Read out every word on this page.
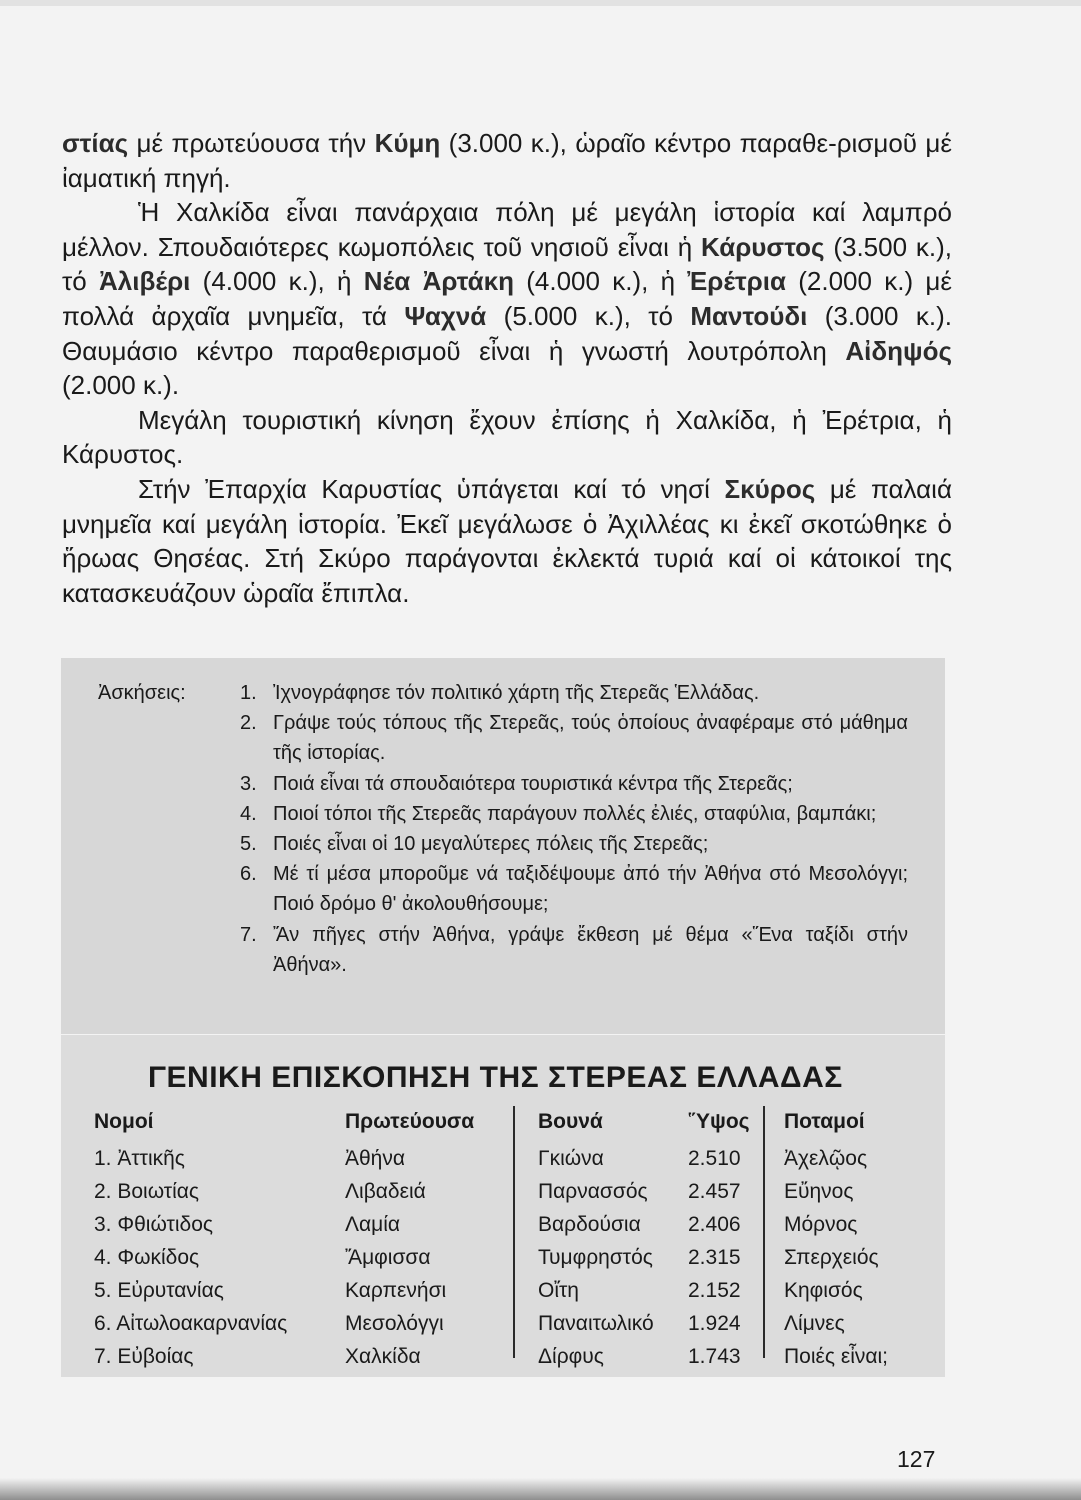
στίας μέ πρωτεύουσα τήν Κύμη (3.000 κ.), ὡραῖο κέντρο παραθε-ρισμοῦ μέ ἰαματική πηγή.

Ἡ Χαλκίδα εἶναι πανάρχαια πόλη μέ μεγάλη ἱστορία καί λαμπρό μέλλον. Σπουδαιότερες κωμοπόλεις τοῦ νησιοῦ εἶναι ἡ Κάρυστος (3.500 κ.), τό Ἀλιβέρι (4.000 κ.), ἡ Νέα Ἀρτάκη (4.000 κ.), ἡ Ἐρέτρια (2.000 κ.) μέ πολλά ἀρχαῖα μνημεῖα, τά Ψαχνά (5.000 κ.), τό Μαντούδι (3.000 κ.). Θαυμάσιο κέντρο παραθερισμοῦ εἶναι ἡ γνωστή λουτρόπολη Αἰδηψός (2.000 κ.).

Μεγάλη τουριστική κίνηση ἔχουν ἐπίσης ἡ Χαλκίδα, ἡ Ἐρέτρια, ἡ Κάρυστος.

Στήν Ἐπαρχία Καρυστίας ὑπάγεται καί τό νησί Σκύρος μέ παλαιά μνημεῖα καί μεγάλη ἱστορία. Ἐκεῖ μεγάλωσε ὁ Ἀχιλλέας κι ἐκεῖ σκοτώθηκε ὁ ἥρωας Θησέας. Στή Σκύρο παράγονται ἐκλεκτά τυριά καί οἱ κάτοικοί της κατασκευάζουν ὡραῖα ἔπιπλα.

Ἀσκήσεις:	1. Ἰχνογράφησε τόν πολιτικό χάρτη τῆς Στερεᾶς Ἑλλάδας.
2. Γράψε τούς τόπους τῆς Στερεᾶς, τούς ὁποίους ἀναφέραμε στό μάθημα τῆς ἱστορίας.
3. Ποιά εἶναι τά σπουδαιότερα τουριστικά κέντρα τῆς Στερεᾶς;
4. Ποιοί τόποι τῆς Στερεᾶς παράγουν πολλές ἐλιές, σταφύλια, βαμπάκι;
5. Ποιές εἶναι οἱ 10 μεγαλύτερες πόλεις τῆς Στερεᾶς;
6. Μέ τί μέσα μποροῦμε νά ταξιδέψουμε ἀπό τήν Ἀθήνα στό Μεσολόγγι; Ποιό δρόμο θ' ἀκολουθήσουμε;
7. Ἄν πῆγες στήν Ἀθήνα, γράψε ἔκθεση μέ θέμα «Ἕνα ταξίδι στήν Ἀθήνα».
ΓΕΝΙΚΗ ΕΠΙΣΚΟΠΗΣΗ ΤΗΣ ΣΤΕΡΕΑΣ ΕΛΛΑΔΑΣ
Νομοί	Πρωτεύουσα	Βουνά	Ὕψος Ποταμοί
1. Ἀττικῆς	Ἀθήνα	Γκιώνα	2.510 Ἀχελῷος
2. Βοιωτίας	Λιβαδειά	Παρνασσός 2.457 Εὔηνος
3. Φθιώτιδος	Λαμία	Βαρδούσια 2.406 Μόρνος
4. Φωκίδος	Ἄμφισσα	Τυμφρηστός 2.315 Σπερχειός
5. Εὐρυτανίας	Καρπενήσι	Οἴτη	2.152 Κηφισός
6. Αἰτωλοακαρνανίας	Μεσολόγγι	Παναιτωλικό 1.924 Λίμνες
7. Εὐβοίας	Χαλκίδα	Δίρφυς	1.743 Ποιές εἶναι;
127
